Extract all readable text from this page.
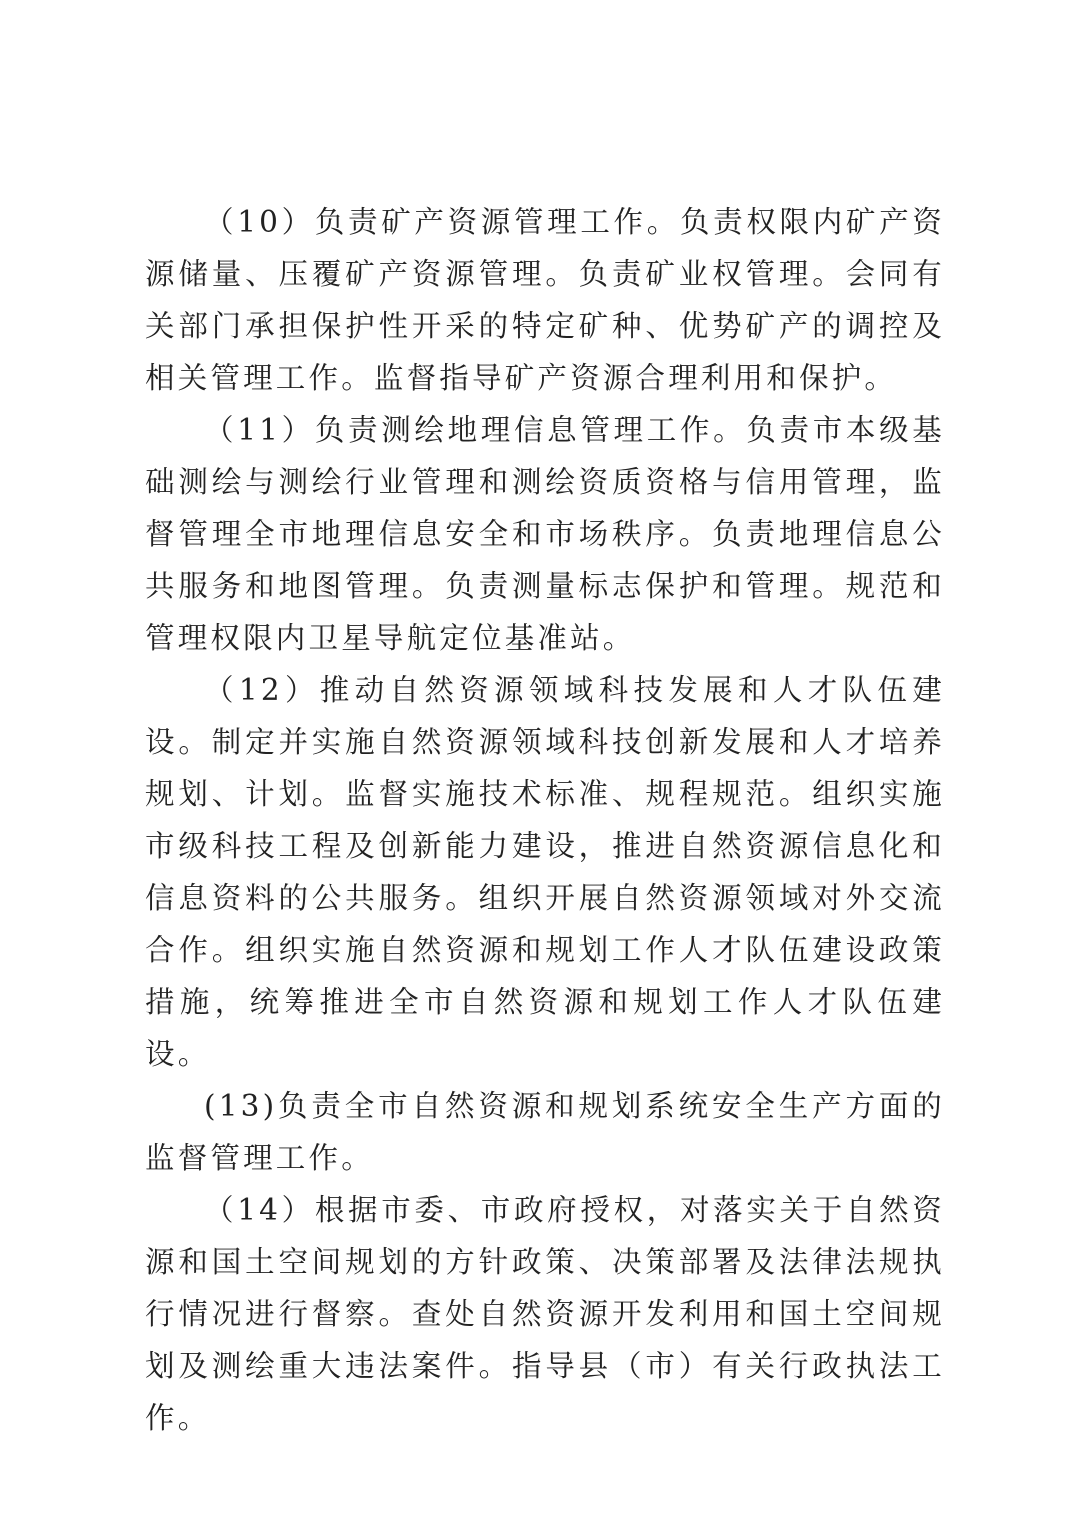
（10）负责矿产资源管理工作。负责权限内矿产资源储量、压覆矿产资源管理。负责矿业权管理。会同有关部门承担保护性开采的特定矿种、优势矿产的调控及相关管理工作。监督指导矿产资源合理利用和保护。

（11）负责测绘地理信息管理工作。负责市本级基础测绘与测绘行业管理和测绘资质资格与信用管理，监督管理全市地理信息安全和市场秩序。负责地理信息公共服务和地图管理。负责测量标志保护和管理。规范和管理权限内卫星导航定位基准站。

（12）推动自然资源领域科技发展和人才队伍建设。制定并实施自然资源领域科技创新发展和人才培养规划、计划。监督实施技术标准、规程规范。组织实施市级科技工程及创新能力建设，推进自然资源信息化和信息资料的公共服务。组织开展自然资源领域对外交流合作。组织实施自然资源和规划工作人才队伍建设政策措施，统筹推进全市自然资源和规划工作人才队伍建设。

(13)负责全市自然资源和规划系统安全生产方面的监督管理工作。

（14）根据市委、市政府授权，对落实关于自然资源和国土空间规划的方针政策、决策部署及法律法规执行情况进行督察。查处自然资源开发利用和国土空间规划及测绘重大违法案件。指导县（市）有关行政执法工作。
